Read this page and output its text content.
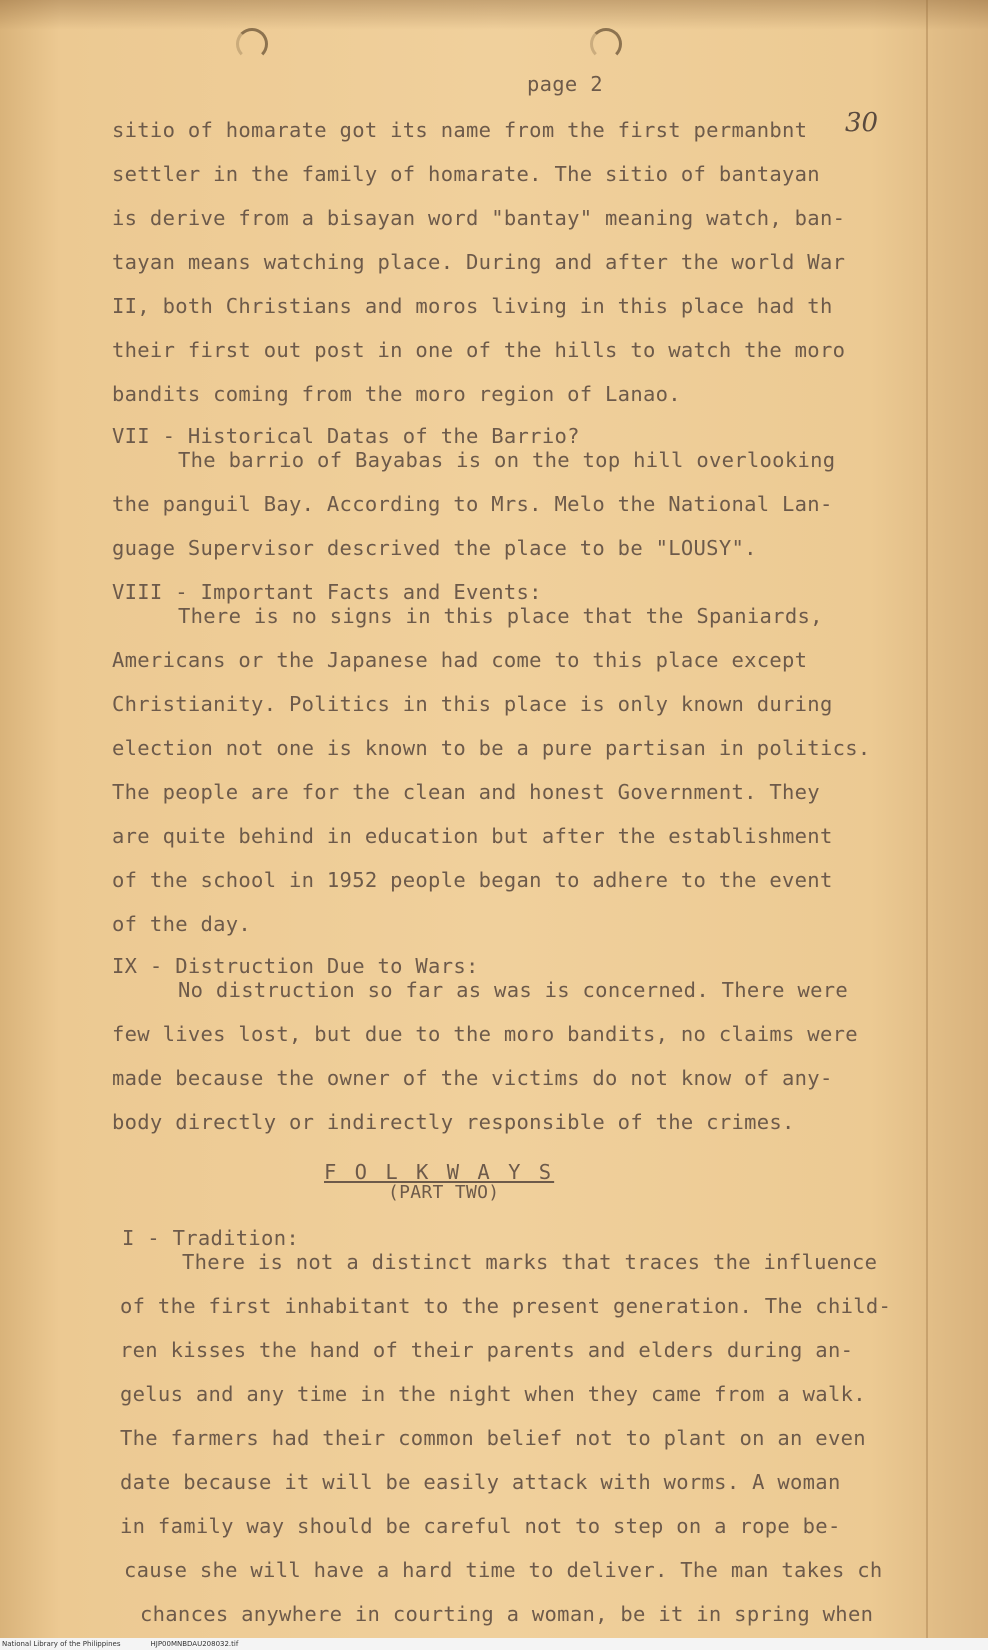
page 2

30

sitio of homarate got its name from the first permanbnt

settler in the family of homarate. The sitio of bantayan

is derive from a bisayan word "bantay" meaning watch, ban-

tayan means watching place. During and after the world War

II, both Christians and moros living in this place had th

their first out post in one of the hills to watch the moro

bandits coming from the moro region of Lanao.

VII - Historical Datas of the Barrio?

The barrio of Bayabas is on the top hill overlooking

the panguil Bay. According to Mrs. Melo the National Lan-

guage Supervisor descrived the place to be "LOUSY".

VIII - Important Facts and Events:

There is no signs in this place that the Spaniards,

Americans or the Japanese had come to this place except

Christianity. Politics in this place is only known during

election not one is known to be a pure partisan in politics.

The people are for the clean and honest Government. They

are quite behind in education but after the establishment

of the school in 1952 people began to adhere to the event

of the day.

IX - Distruction Due to Wars:

No distruction so far as was is concerned. There were

few lives lost, but due to the moro bandits, no claims were

made because the owner of the victims do not know of any-

body directly or indirectly responsible of the crimes.

F O L K W A Y S

(PART TWO)

I - Tradition:

There is not a distinct marks that traces the influence

of the first inhabitant to the present generation. The child-

ren kisses the hand of their parents and elders during an-

gelus and any time in the night when they came from a walk.

The farmers had their common belief not to plant on an even

date because it will be easily attack with worms. A woman

in family way should be careful not to step on a rope be-

cause she will have a hard time to deliver. The man takes ch

chances anywhere in courting a woman, be it in spring when

National Library of the Philippines	HJP00MNBDAU208032.tif
